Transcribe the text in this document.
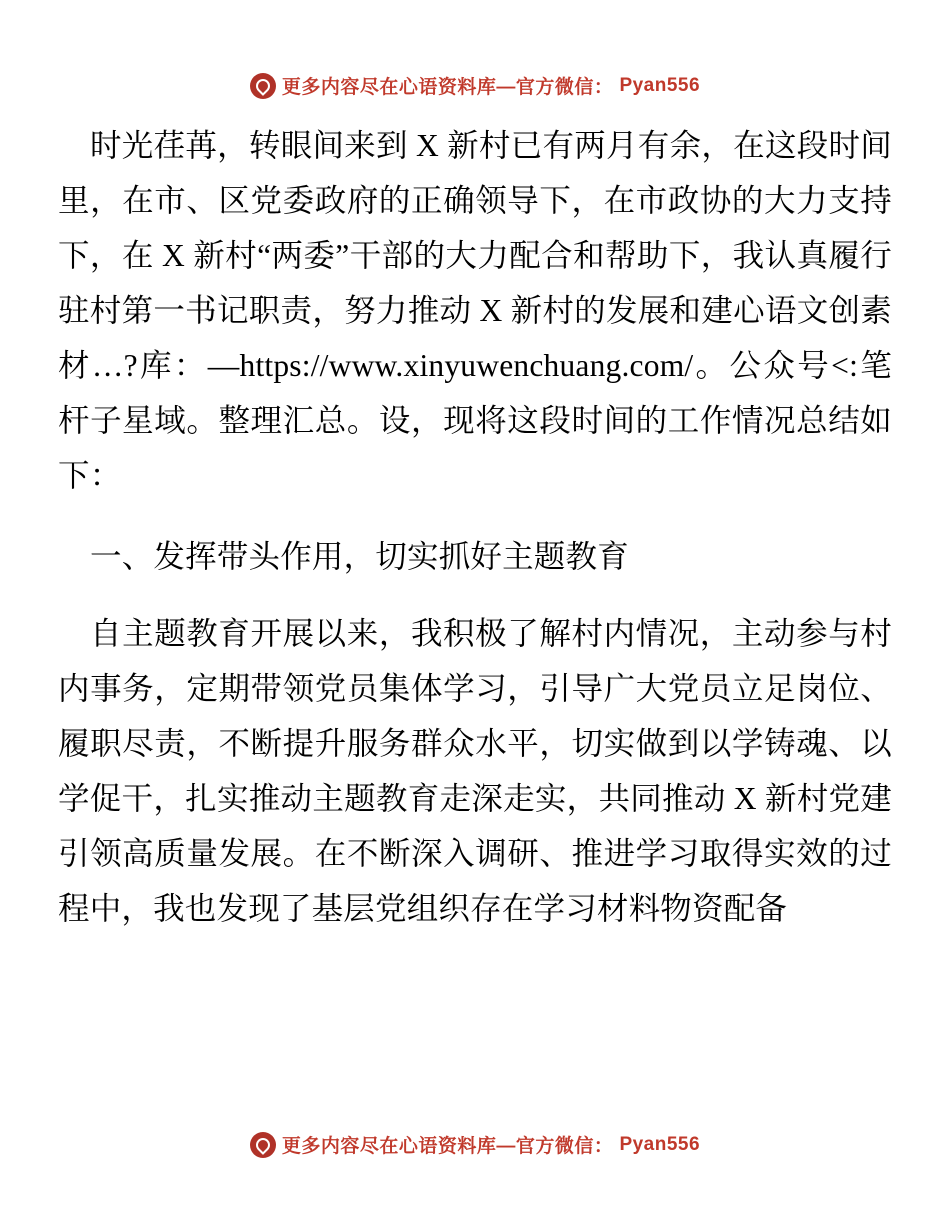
更多内容尽在心语资料库—官方微信： Pyan556

时光荏苒，转眼间来到 X 新村已有两月有余，在这段时间里，在市、区党委政府的正确领导下，在市政协的大力支持下，在 X 新村“两委”干部的大力配合和帮助下，我认真履行驻村第一书记职责，努力推动 X 新村的发展和建心语文创素材…?库：—https://www.xinyuwenchuang.com/。公众号<:笔杆子星域。整理汇总。设，现将这段时间的工作情况总结如下：

一、发挥带头作用，切实抓好主题教育

自主题教育开展以来，我积极了解村内情况，主动参与村内事务，定期带领党员集体学习，引导广大党员立足岗位、履职尽责，不断提升服务群众水平，切实做到以学铸魂、以学促干，扎实推动主题教育走深走实，共同推动 X 新村党建引领高质量发展。在不断深入调研、推进学习取得实效的过程中，我也发现了基层党组织存在学习材料物资配备

更多内容尽在心语资料库—官方微信： Pyan556
